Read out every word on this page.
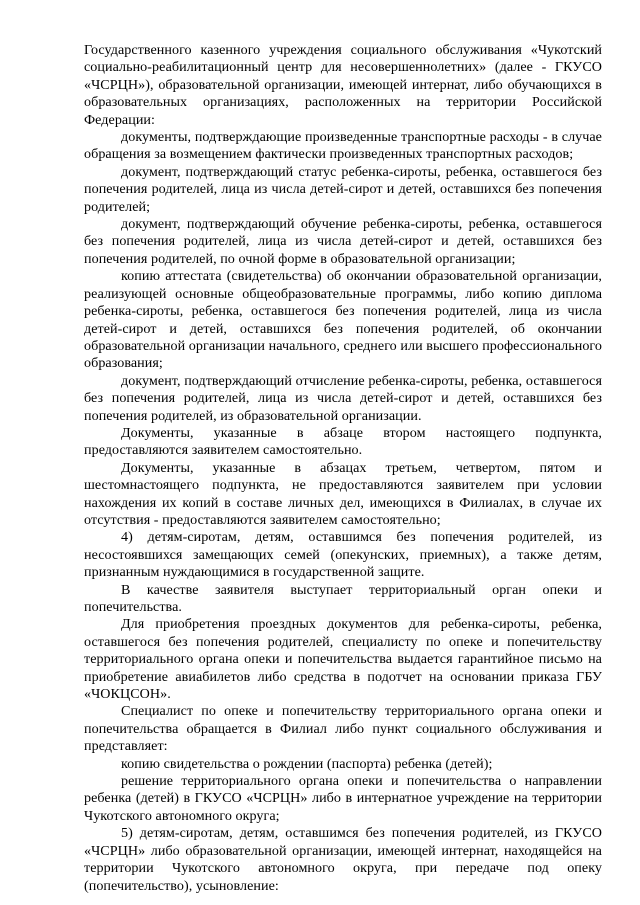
Государственного казенного учреждения социального обслуживания «Чукотский социально-реабилитационный центр для несовершеннолетних» (далее - ГКУСО «ЧСРЦН»), образовательной организации, имеющей интернат, либо обучающихся в образовательных организациях, расположенных на территории Российской Федерации:

документы, подтверждающие произведенные транспортные расходы - в случае обращения за возмещением фактически произведенных транспортных расходов;

документ, подтверждающий статус ребенка-сироты, ребенка, оставшегося без попечения родителей, лица из числа детей-сирот и детей, оставшихся без попечения родителей;

документ, подтверждающий обучение ребенка-сироты, ребенка, оставшегося без попечения родителей, лица из числа детей-сирот и детей, оставшихся без попечения родителей, по очной форме в образовательной организации;

копию аттестата (свидетельства) об окончании образовательной организации, реализующей основные общеобразовательные программы, либо копию диплома ребенка-сироты, ребенка, оставшегося без попечения родителей, лица из числа детей-сирот и детей, оставшихся без попечения родителей, об окончании образовательной организации начального, среднего или высшего профессионального образования;

документ, подтверждающий отчисление ребенка-сироты, ребенка, оставшегося без попечения родителей, лица из числа детей-сирот и детей, оставшихся без попечения родителей, из образовательной организации.

Документы, указанные в абзаце втором настоящего подпункта, предоставляются заявителем самостоятельно.

Документы, указанные в абзацах третьем, четвертом, пятом и шестомнастоящего подпункта, не предоставляются заявителем при условии нахождения их копий в составе личных дел, имеющихся в Филиалах, в случае их отсутствия - предоставляются заявителем самостоятельно;

4) детям-сиротам, детям, оставшимся без попечения родителей, из несостоявшихся замещающих семей (опекунских, приемных), а также детям, признанным нуждающимися в государственной защите.

В качестве заявителя выступает территориальный орган опеки и попечительства.

Для приобретения проездных документов для ребенка-сироты, ребенка, оставшегося без попечения родителей, специалисту по опеке и попечительству территориального органа опеки и попечительства выдается гарантийное письмо на приобретение авиабилетов либо средства в подотчет на основании приказа ГБУ «ЧОКЦСОН».

Специалист по опеке и попечительству территориального органа опеки и попечительства обращается в Филиал либо пункт социального обслуживания и представляет:

копию свидетельства о рождении (паспорта) ребенка (детей);

решение территориального органа опеки и попечительства о направлении ребенка (детей) в ГКУСО «ЧСРЦН» либо в интернатное учреждение на территории Чукотского автономного округа;

5) детям-сиротам, детям, оставшимся без попечения родителей, из ГКУСО «ЧСРЦН» либо образовательной организации, имеющей интернат, находящейся на территории Чукотского автономного округа, при передаче под опеку (попечительство), усыновление:
